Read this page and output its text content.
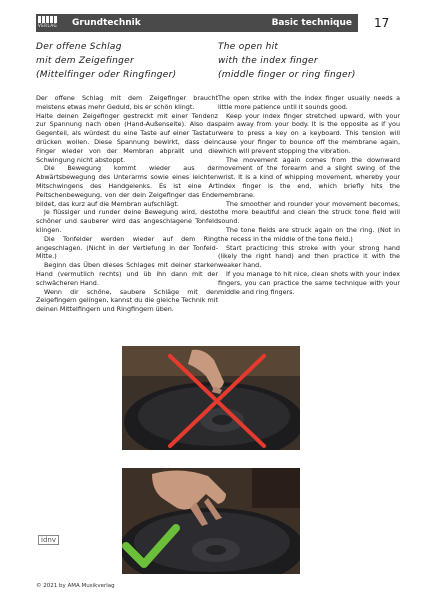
VERLAG	Grundtechnik	Basic technique 17
Der offene Schlag
mit dem Zeigefinger
(Mittelfinger oder Ringfinger)
The open hit
with the index finger
(middle finger or ring finger)

Der offene Schlag mit dem Zeigefinger braucht meistens etwas mehr Geduld, bis er schön klingt.

Halte deinen Zeigefinger gestreckt mit einer Tendenz zur Spannung nach oben (Hand-Außenseite). Also das Gegenteil, als würdest du eine Taste auf einer Tastatur drücken wollen. Diese Spannung bewirkt, dass dein Finger wieder von der Membran abprallt und die Schwingung nicht abstoppt.

Die Bewegung kommt wieder aus der Abwärtsbewegung des Unterarms sowie eines leichten Mitschwingens des Handgelenks. Es ist eine Art Peitschenbewegung, von der dein Zeigefinger das Ende bildet, das kurz auf die Membran aufschlägt.

Je flüssiger und runder deine Bewegung wird, desto schöner und sauberer wird das angeschlagene Tonfeld klingen.

Die Tonfelder werden wieder auf dem Ring angeschlagen. (Nicht in der Vertiefung in der Tonfeld-Mitte.)

Beginn das Üben dieses Schlages mit deiner starken Hand (vermutlich rechts) und üb ihn dann mit der schwächeren Hand.

Wenn dir schöne, saubere Schläge mit den Zeigefingern gelingen, kannst du die gleiche Technik mit deinen Mittelfingern und Ringfingern üben.

The open strike with the index finger usually needs a little more patience until it sounds good.

Keep your index finger stretched upward, with your palm away from your body. It is the opposite as if you were to press a key on a keyboard. This tension will cause your finger to bounce off the membrane again, which will prevent stopping the vibration.

The movement again comes from the downward movement of the forearm and a slight swing of the wrist. It is a kind of whipping movement, whereby your index finger is the end, which briefly hits the membrane.

The smoother and rounder your movement becomes, the more beautiful and clean the struck tone field will sound.

The tone fields are struck again on the ring. (Not in the recess in the middle of the tone field.)

Start practicing this stroke with your strong hand (likely the right hand) and then practice it with the weaker hand.

If you manage to hit nice, clean shots with your index fingers, you can practice the same technique with your middle and ring fingers.

idnv
© 2021 by AMA Musikverlag
